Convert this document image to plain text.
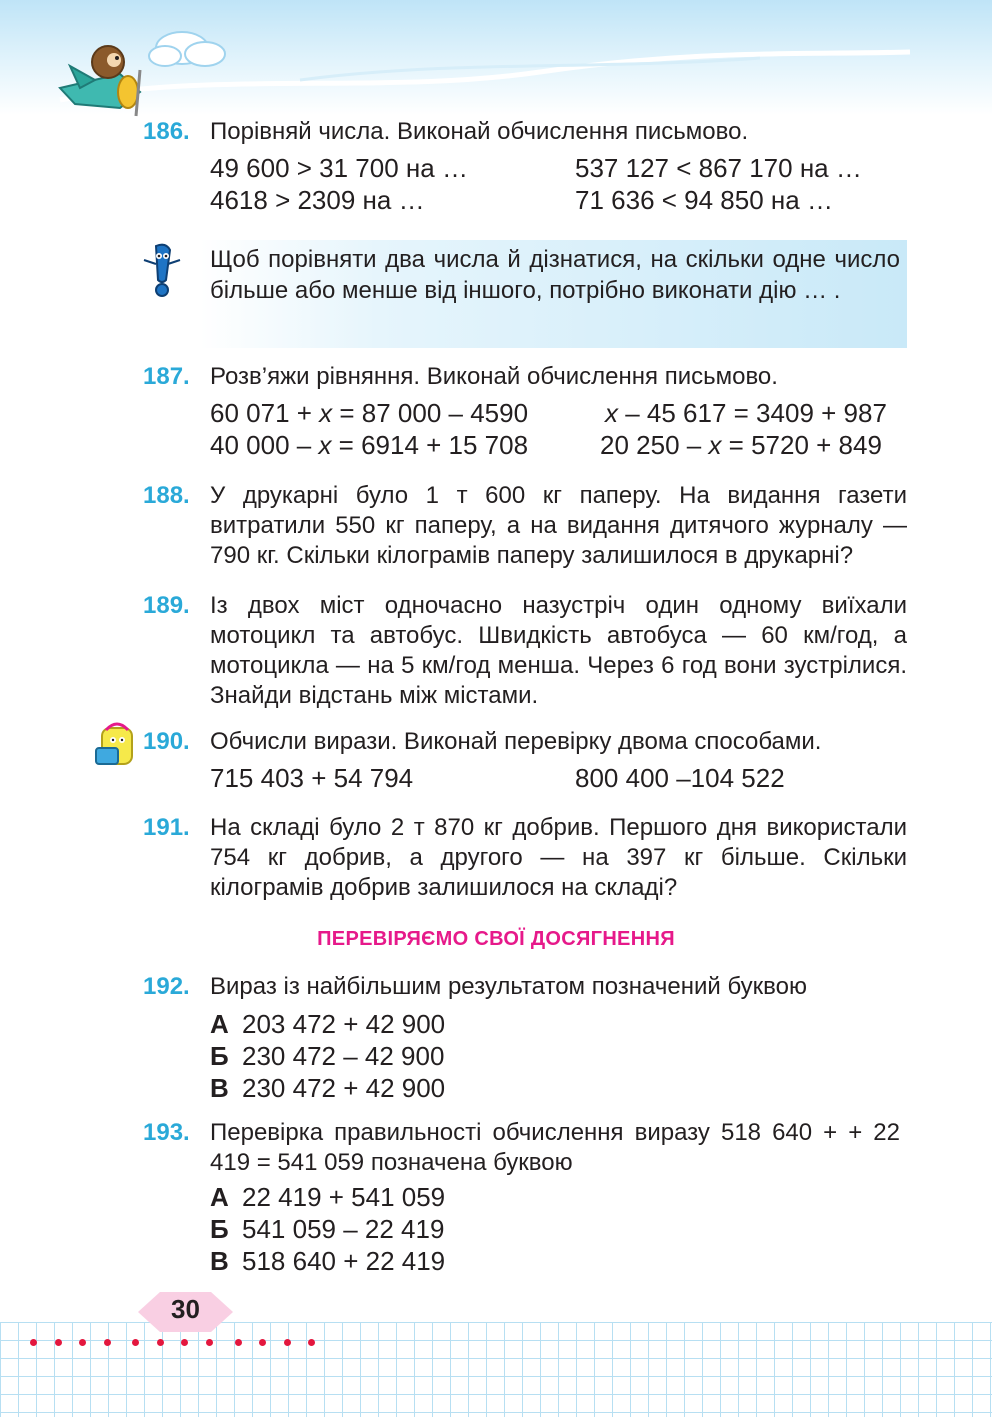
186. Порівняй числа. Виконай обчислення письмово.
49 600 > 31 700 на …	537 127 < 867 170 на …
4618 > 2309 на …	71 636 < 94 850 на …
Щоб порівняти два числа й дізнатися, на скільки одне число більше або менше від іншого, потрібно виконати дію … .
187. Розв’яжи рівняння. Виконай обчислення письмово.
60 071 + x = 87 000 – 4590	x – 45 617 = 3409 + 987
40 000 – x = 6914 + 15 708	20 250 – x = 5720 + 849
188. У друкарні було 1 т 600 кг паперу. На видання газети витратили 550 кг паперу, а на видання дитячого журналу — 790 кг. Скільки кілограмів паперу залишилося в друкарні?
189. Із двох міст одночасно назустріч один одному виїхали мотоцикл та автобус. Швидкість автобуса — 60 км/год, а мотоцикла — на 5 км/год менша. Через 6 год вони зустрілися. Знайди відстань між містами.
190. Обчисли вирази. Виконай перевірку двома способами.
715 403 + 54 794	800 400 –104 522
191. На складі було 2 т 870 кг добрив. Першого дня використали 754 кг добрив, а другого — на 397 кг більше. Скільки кілограмів добрив залишилося на складі?
ПЕРЕВІРЯЄМО СВОЇ ДОСЯГНЕННЯ
192. Вираз із найбільшим результатом позначений буквою
А 203 472 + 42 900
Б 230 472 – 42 900
В 230 472 + 42 900
193. Перевірка правильності обчислення виразу 518 640 + + 22 419 = 541 059 позначена буквою
А 22 419 + 541 059
Б 541 059 – 22 419
В 518 640 + 22 419
30
